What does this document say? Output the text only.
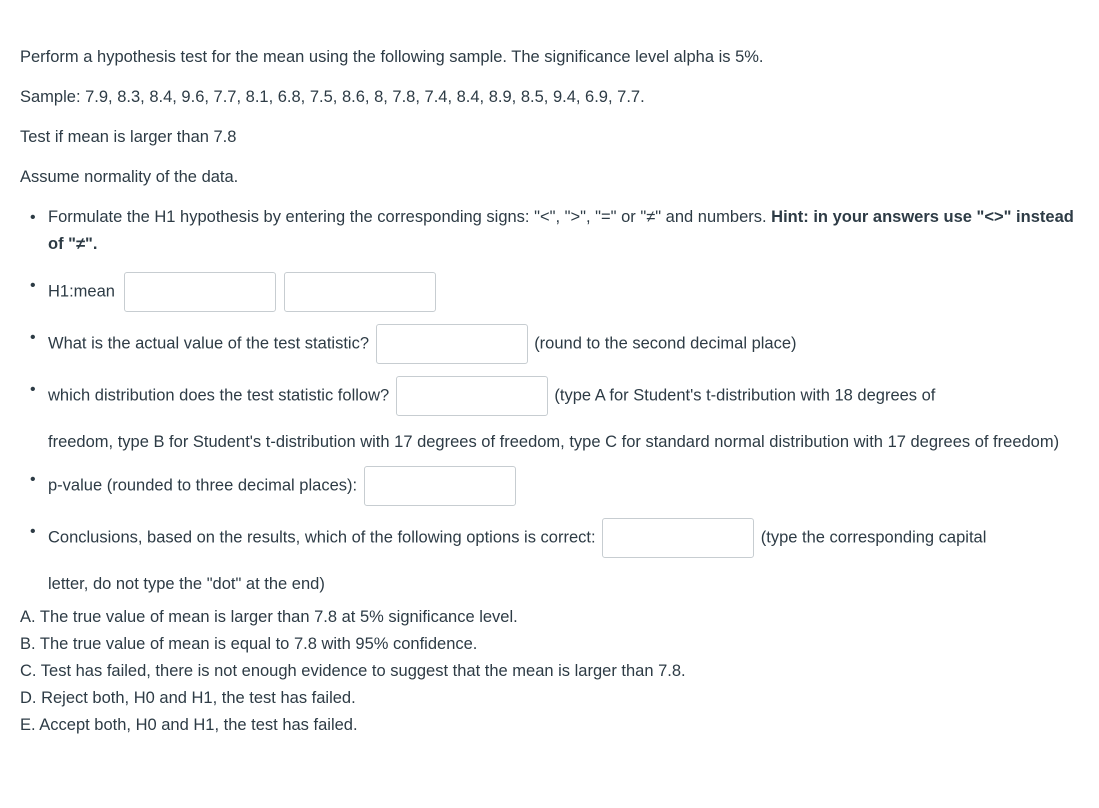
Perform a hypothesis test for the mean using the following sample. The significance level alpha is 5%.

Sample: 7.9, 8.3, 8.4, 9.6, 7.7, 8.1, 6.8, 7.5, 8.6, 8, 7.8, 7.4, 8.4, 8.9, 8.5, 9.4, 6.9, 7.7.

Test if mean is larger than 7.8

Assume normality of the data.

• Formulate the H1 hypothesis by entering the corresponding signs: "<", ">", "=" or "≠" and numbers. Hint: in your answers use "<>" instead of "≠".
• H1:mean
• What is the actual value of the test statistic?	(round to the second decimal place)
• which distribution does the test statistic follow?	(type A for Student's t-distribution with 18 degrees of
freedom, type B for Student's t-distribution with 17 degrees of freedom, type C for standard normal distribution with 17 degrees of freedom)
• p-value (rounded to three decimal places):
• Conclusions, based on the results, which of the following options is correct:	(type the corresponding capital
letter, do not type the "dot" at the end)
A. The true value of mean is larger than 7.8 at 5% significance level.
B. The true value of mean is equal to 7.8 with 95% confidence.
C. Test has failed, there is not enough evidence to suggest that the mean is larger than 7.8.
D. Reject both, H0 and H1, the test has failed.
E. Accept both, H0 and H1, the test has failed.
